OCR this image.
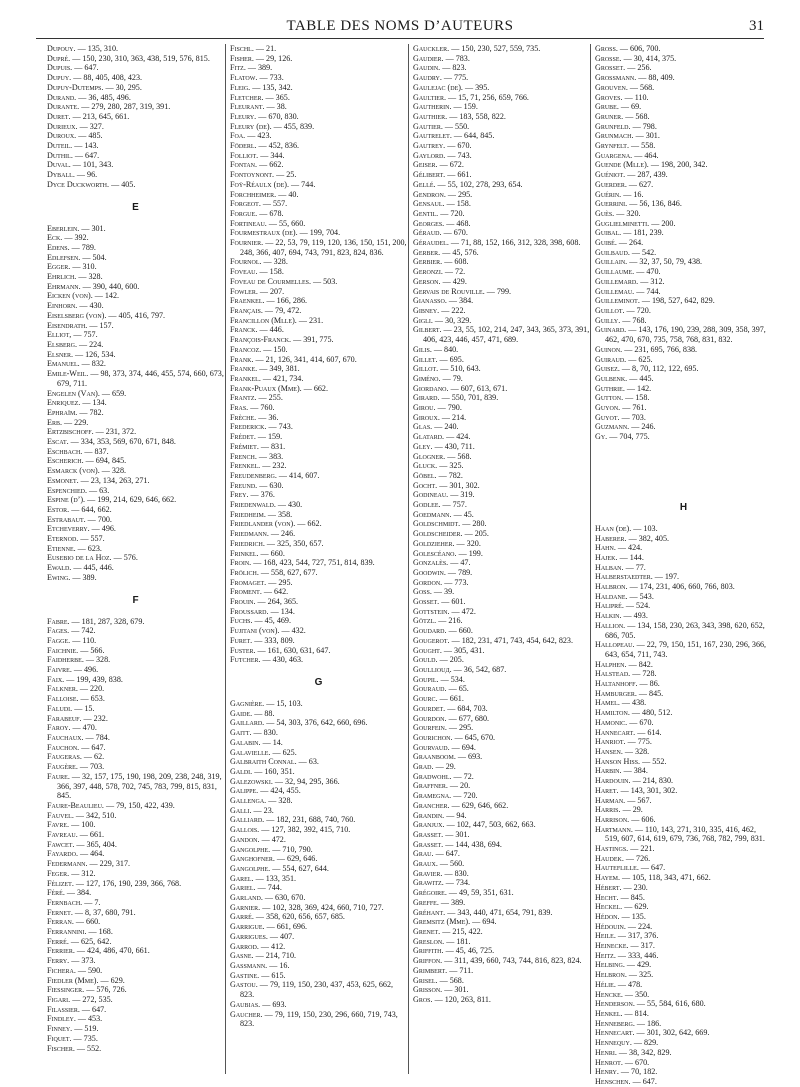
TABLE DES NOMS D’AUTEURS	31
Dupouy. — 135, 310.
Dupré. — 150, 230, 310, 363, 438, 519, 576, 815.
Dupuis. — 647.
Dupuy. — 88, 405, 408, 423.
Dupuy-Dutemps. — 30, 295.
Durand. — 36, 485, 496.
Durante. — 279, 280, 287, 319, 391.
Duret. — 213, 645, 661.
Durieux. — 327.
Duroux. — 485.
Duteil. — 143.
Duthil. — 647.
Duval. — 101, 343.
Dyball. — 96.
Dyce Duckworth. — 405.
E
Eberlein. — 301.
Eck. — 392.
Edens. — 789.
Edlefsen. — 504.
Egger. — 310.
Ehrlich. — 328.
Ehrmann. — 390, 440, 600.
Eicken (von). — 142.
Einhorn. — 430.
Eiselsberg (von). — 405, 416, 797.
Eisendrath. — 157.
Elliot, — 757.
Elsberg. — 224.
Elsner. — 126, 534.
Emanuel. — 832.
Emile-Weil. — 98, 373, 374, 446, 455, 574, 660, 673, 679, 711.
Engelen (Van). — 659.
Enriquez. — 134.
Ephraïm. — 782.
Erb. — 229.
Ertzbischoff. — 231, 372.
Escat. — 334, 353, 569, 670, 671, 848.
Eschbach. — 837.
Escherich. — 694, 845.
Esmarck (von). — 328.
Esmonet. — 23, 134, 263, 271.
Espenchied. — 63.
Espine (d’). — 199, 214, 629, 646, 662.
Estor. — 644, 662.
Estrabaut. — 700.
Etcheverry. — 496.
Eternod. — 557.
Etienne. — 623.
Eusebio de la Hoz. — 576.
Ewald. — 445, 446.
Ewing. — 389.
F
Fabre. — 181, 287, 328, 679.
Fages. — 742.
Fagge. — 110.
Faichnie. — 566.
Faidherbe. — 328.
Faivre. — 496.
Faix. — 199, 439, 838.
Falkner. — 220.
Falloise. — 653.
Faludi. — 15.
Farabeuf. — 232.
Faroy. — 470.
Fauchaux. — 784.
Fauchon. — 647.
Faugeras. — 62.
Faugère. — 703.
Faure. — 32, 157, 175, 190, 198, 209, 238, 248, 319, 366, 397, 448, 578, 702, 745, 783, 799, 815, 831, 845.
Faure-Beaulieu. — 79, 150, 422, 439.
Fauvel. — 342, 510.
Favre. — 100.
Favreau. — 661.
Fawcet. — 365, 404.
Fayardo. — 464.
Federmann. — 229, 317.
Feger. — 312.
Félizet. — 127, 176, 190, 239, 366, 768.
Féré. — 384.
Fernbach. — 7.
Fernet. — 8, 37, 680, 791.
Ferran. — 660.
Ferrannini. — 168.
Ferré. — 625, 642.
Ferrier. — 424, 486, 470, 661.
Ferry. — 373.
Fichera. — 590.
Fiedler (Mme). — 629.
Fiessinger. — 576, 726.
Figari. — 272, 535.
Filassier. — 647.
Findley. — 453.
Finney. — 519.
Fiquet. — 735.
Fischer. — 552.
Fischl. — 21.
Fisher. — 29, 126.
Fitz. — 389.
Flatow. — 733.
Fleig. — 135, 342.
Fletcher. — 365.
Fleurant. — 38.
Fleury. — 670, 830.
Fleury (de). — 455, 839.
Foa. — 423.
Föderl. — 452, 836.
Folliot. — 344.
Fontan. — 662.
Fontoynont. — 25.
Foÿ-Réaulx (de). — 744.
Forchheimer. — 40.
Forgeot. — 557.
Forgue. — 678.
Fortineau. — 55, 660.
Fourmestraux (de). — 199, 704.
Fournier. — 22, 53, 79, 119, 120, 136, 150, 151, 200, 248, 366, 407, 694, 743, 791, 823, 824, 836.
Fournol. — 328.
Foveau. — 158.
Foveau de Courmelles. — 503.
Fowler. — 207.
Fraenkel. — 166, 286.
Français. — 79, 472.
Francillon (Mlle). — 231.
Franck. — 446.
François-Franck. — 391, 775.
Francoz. — 150.
Frank. — 21, 126, 341, 414, 607, 670.
Franke. — 349, 381.
Frankel. — 421, 734.
Frank-Puaux (Mme). — 662.
Frantz. — 255.
Fras. — 760.
Frèche. — 36.
Frederick. — 743.
Frédet. — 159.
Frémiet. — 831.
French. — 383.
Frenkel. — 232.
Freudenberg. — 414, 607.
Freund. — 630.
Frey. — 376.
Friedenwald. — 430.
Friedheim. — 358.
Friedlander (von). — 662.
Friedmann. — 246.
Friedrich. — 325, 350, 657.
Frinkel. — 660.
Froin. — 168, 423, 544, 727, 751, 814, 839.
Frölich. — 558, 627, 677.
Fromaget. — 295.
Froment. — 642.
Frouin. — 264, 365.
Froussard. — 134.
Fuchs. — 45, 469.
Fujitani (von). — 432.
Furet. — 333, 809.
Fuster. — 161, 630, 631, 647.
Futcher. — 430, 463.
G
Gagnière. — 15, 103.
Gaide. — 88.
Gaillard. — 54, 303, 376, 642, 660, 696.
Gaitt. — 830.
Galabin. — 14.
Galavielle. — 625.
Galbraith Connal. — 63.
Galdi. — 160, 351.
Galezowski. — 32, 94, 295, 366.
Galippe. — 424, 455.
Gallenga. — 328.
Galli. — 23.
Galliard. — 182, 231, 688, 740, 760.
Gallois. — 127, 382, 392, 415, 710.
Gandon. — 472.
Gangolphe. — 710, 790.
Ganghofner. — 629, 646.
Gangolphe. — 554, 627, 644.
Garel. — 133, 351.
Gariel. — 744.
Garland. — 630, 670.
Garnier. — 102, 328, 369, 424, 660, 710, 727.
Garré. — 358, 620, 656, 657, 685.
Garrigue. — 661, 696.
Garrigues. — 407.
Garrod. — 412.
Gasne. — 214, 710.
Gassmann. — 16.
Gastine. — 615.
Gastou. — 79, 119, 150, 230, 437, 453, 625, 662, 823.
Gaubias. — 693.
Gaucher. — 79, 119, 150, 230, 296, 660, 719, 743, 823.
Gauckler. — 150, 230, 527, 559, 735.
Gaudier. — 783.
Gaudin. — 823.
Gaudry. — 775.
Gaulejac (de). — 395.
Gaultier. — 15, 71, 256, 659, 766.
Gautherin. — 159.
Gauthier. — 183, 558, 822.
Gautier. — 550.
Gautrelet. — 644, 845.
Gautrey. — 670.
Gaylord. — 743.
Geiser. — 672.
Gélibert. — 661.
Gellé. — 55, 102, 278, 293, 654.
Gendron. — 295.
Gensaul. — 158.
Gentil. — 720.
Georges. — 468.
Géraud. — 670.
Géraudel. — 71, 88, 152, 166, 312, 328, 398, 608.
Gerber. — 45, 576.
Gerbier. — 608.
Geronzi. — 72.
Gerson. — 429.
Gervais de Rouville. — 799.
Gianasso. — 384.
Gibney. — 222.
Gigli. — 30, 329.
Gilbert. — 23, 55, 102, 214, 247, 343, 365, 373, 391, 406, 423, 446, 457, 471, 689.
Gilis. — 840.
Gillet. — 695.
Gillot. — 510, 643.
Giméno. — 79.
Giordano. — 607, 613, 671.
Girard. — 550, 701, 839.
Girou. — 790.
Giroux. — 214.
Glas. — 240.
Glatard. — 424.
Gley. — 430, 711.
Glogner. — 568.
Gluck. — 325.
Göbel. — 782.
Gocht. — 301, 302.
Godineau. — 319.
Godlee. — 757.
Goedmann. — 45.
Goldschmidt. — 280.
Goldscheider. — 205.
Goldzieher. — 320.
Golescéano. — 199.
Gonzalès. — 47.
Goodwin. — 789.
Gordon. — 773.
Goss. — 39.
Gosset. — 601.
Gottstein. — 472.
Götzl. — 216.
Goudard. — 660.
Gougerot. — 182, 231, 471, 743, 454, 642, 823.
Gought. — 305, 431.
Gould. — 205.
Goulliouд. — 36, 542, 687.
Goupil. — 534.
Gouraud. — 65.
Gourc. — 661.
Gourdet. — 684, 703.
Gourdon. — 677, 680.
Gourfein. — 295.
Gourichon. — 645, 670.
Gourvaud. — 694.
Graanboom. — 693.
Grad. — 29.
Gradwohl. — 72.
Graffner. — 20.
Gramegna. — 720.
Grancher. — 629, 646, 662.
Grandin. — 94.
Granjux. — 102, 447, 503, 662, 663.
Grasset. — 301.
Grasset. — 144, 438, 694.
Grau. — 647.
Graux. — 560.
Gravier. — 830.
Grawitz. — 734.
Grégoire. — 49, 59, 351, 631.
Greffe. — 389.
Gréhant. — 343, 440, 471, 654, 791, 839.
Gremsitz (Mme). — 694.
Grenet. — 215, 422.
Greslon. — 181.
Griffith. — 45, 46, 725.
Griffon. — 311, 439, 660, 743, 744, 816, 823, 824.
Grimbert. — 711.
Grisel. — 568.
Grisson. — 301.
Gros. — 120, 263, 811.
Gross. — 606, 700.
Grosse. — 30, 414, 375.
Grosset. — 256.
Grossmann. — 88, 409.
Grouven. — 568.
Groves. — 110.
Grube. — 69.
Gruner. — 568.
Grunfeld. — 798.
Grunmach. — 301.
Grynfelt. — 558.
Guargena. — 464.
Guende (Mlle). — 198, 200, 342.
Guéniot. — 287, 439.
Guerder. — 627.
Guérin. — 16.
Guerrini. — 56, 136, 846.
Guès. — 320.
Guglielminetti. — 200.
Guibal. — 181, 239.
Guibé. — 264.
Guilbaud. — 542.
Guillain. — 32, 37, 50, 79, 438.
Guillaume. — 470.
Guillemard. — 312.
Guillemau. — 744.
Guilleminot. — 198, 527, 642, 829.
Guillot. — 720.
Guilly. — 768.
Guinard. — 143, 176, 190, 239, 288, 309, 358, 397, 462, 470, 670, 735, 758, 768, 831, 832.
Guinon. — 231, 695, 766, 838.
Guiraud. — 625.
Guisez. — 8, 70, 112, 122, 695.
Gulbenk. — 445.
Guthrie. — 142.
Gutton. — 158.
Guyon. — 761.
Guyot. — 703.
Guzmann. — 246.
Gy. — 704, 775.
H
Haan (de). — 103.
Haberer. — 382, 405.
Hahn. — 424.
Hajek. — 144.
Halban. — 77.
Halberstaedter. — 197.
Halbron. — 174, 231, 406, 660, 766, 803.
Haldane. — 543.
Halipré. — 524.
Halkin. — 493.
Hallion. — 134, 158, 230, 263, 343, 398, 620, 652, 686, 705.
Hallopeau. — 22, 79, 150, 151, 167, 230, 296, 366, 643, 654, 711, 743.
Halphen. — 842.
Halstead. — 728.
Haltanhoff. — 86.
Hamburger. — 845.
Hamel. — 438.
Hamilton. — 480, 512.
Hamonic. — 670.
Hannecart. — 614.
Hanriot. — 775.
Hansen. — 328.
Hanson Hiss. — 552.
Harbin. — 384.
Hardouin. — 214, 830.
Haret. — 143, 301, 302.
Harman. — 567.
Harris. — 29.
Harrison. — 606.
Hartmann. — 110, 143, 271, 310, 335, 416, 462, 519, 607, 614, 619, 679, 736, 768, 782, 799, 831.
Hastings. — 221.
Haudek. — 726.
Hauteflille. — 647.
Hayem. — 105, 118, 343, 471, 662.
Hébert. — 230.
Hecht. — 845.
Heckel. — 629.
Hédon. — 135.
Hédouin. — 224.
Heile. — 317, 376.
Heinecke. — 317.
Heitz. — 333, 446.
Helbing. — 429.
Helbron. — 325.
Hélie. — 478.
Hencke. — 350.
Henderson. — 55, 584, 616, 680.
Henkel. — 814.
Henneberg. — 186.
Hennecart. — 301, 302, 642, 669.
Hennequy. — 829.
Henri. — 38, 342, 829.
Henrot. — 670.
Henry. — 70, 182.
Henschen. — 647.
